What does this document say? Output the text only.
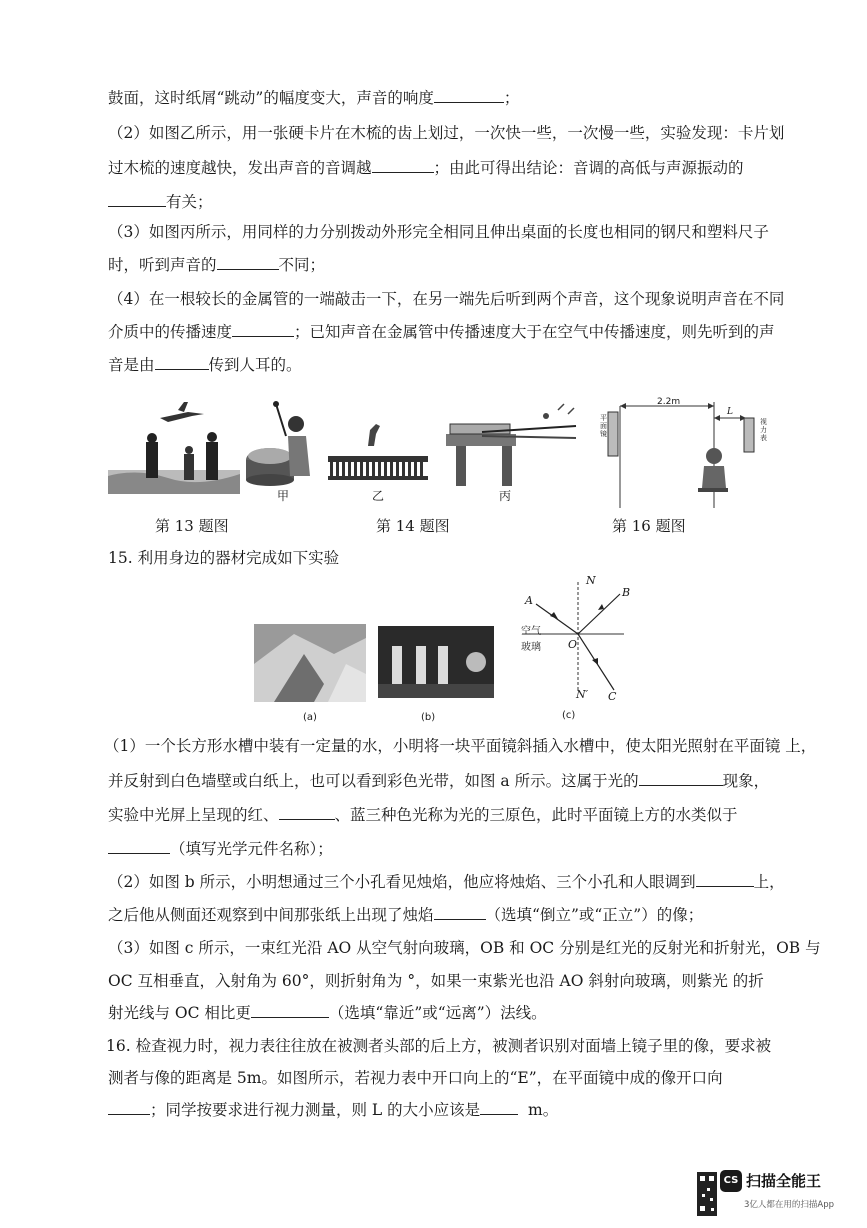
鼓面，这时纸屑“跳动”的幅度变大，声音的响度	；
（2）如图乙所示，用一张硬卡片在木梳的齿上划过，一次快一些，一次慢一些，实验发现：卡片划
过木梳的速度越快，发出声音的音调越	；由此可得出结论：音调的高低与声源振动的
有关；
（3）如图丙所示，用同样的力分别拨动外形完全相同且伸出桌面的长度也相同的钢尺和塑料尺子
时，听到声音的	不同；
（4）在一根较长的金属管的一端敲击一下，在另一端先后听到两个声音，这个现象说明声音在不同
介质中的传播速度	；已知声音在金属管中传播速度大于在空气中传播速度，则先听到的声
音是由	传到人耳的。
第 13 题图
甲	乙	丙
第 14 题图
2.2m
L
平面镜
视力表
第 16 题图
15. 利用身边的器材完成如下实验
(a)	(b)
N
A
B
空气
玻璃 O
N′ C
(c)
（1）一个长方形水槽中装有一定量的水，小明将一块平面镜斜插入水槽中，使太阳光照射在平面镜 上，
并反射到白色墙壁或白纸上，也可以看到彩色光带，如图 a 所示。这属于光的	现象，
实验中光屏上呈现的红、	、蓝三种色光称为光的三原色，此时平面镜上方的水类似于
（填写光学元件名称）；
（2）如图 b 所示，小明想通过三个小孔看见烛焰，他应将烛焰、三个小孔和人眼调到	上，
之后他从侧面还观察到中间那张纸上出现了烛焰	（选填“倒立”或“正立”）的像；
（3）如图 c 所示，一束红光沿 AO 从空气射向玻璃，OB 和 OC 分别是红光的反射光和折射光，OB 与
OC 互相垂直，入射角为 60°，则折射角为 °，如果一束紫光也沿 AO 斜射向玻璃，则紫光 的折
射光线与 OC 相比更	（选填“靠近”或“远离”）法线。
16. 检查视力时，视力表往往放在被测者头部的后上方，被测者识别对面墙上镜子里的像，要求被
测者与像的距离是 5m。如图所示，若视力表中开口向上的“E”，在平面镜中成的像开口向
；同学按要求进行视力测量，则 L 的大小应该是	m。
CS 扫描全能王
3亿人都在用的扫描App
